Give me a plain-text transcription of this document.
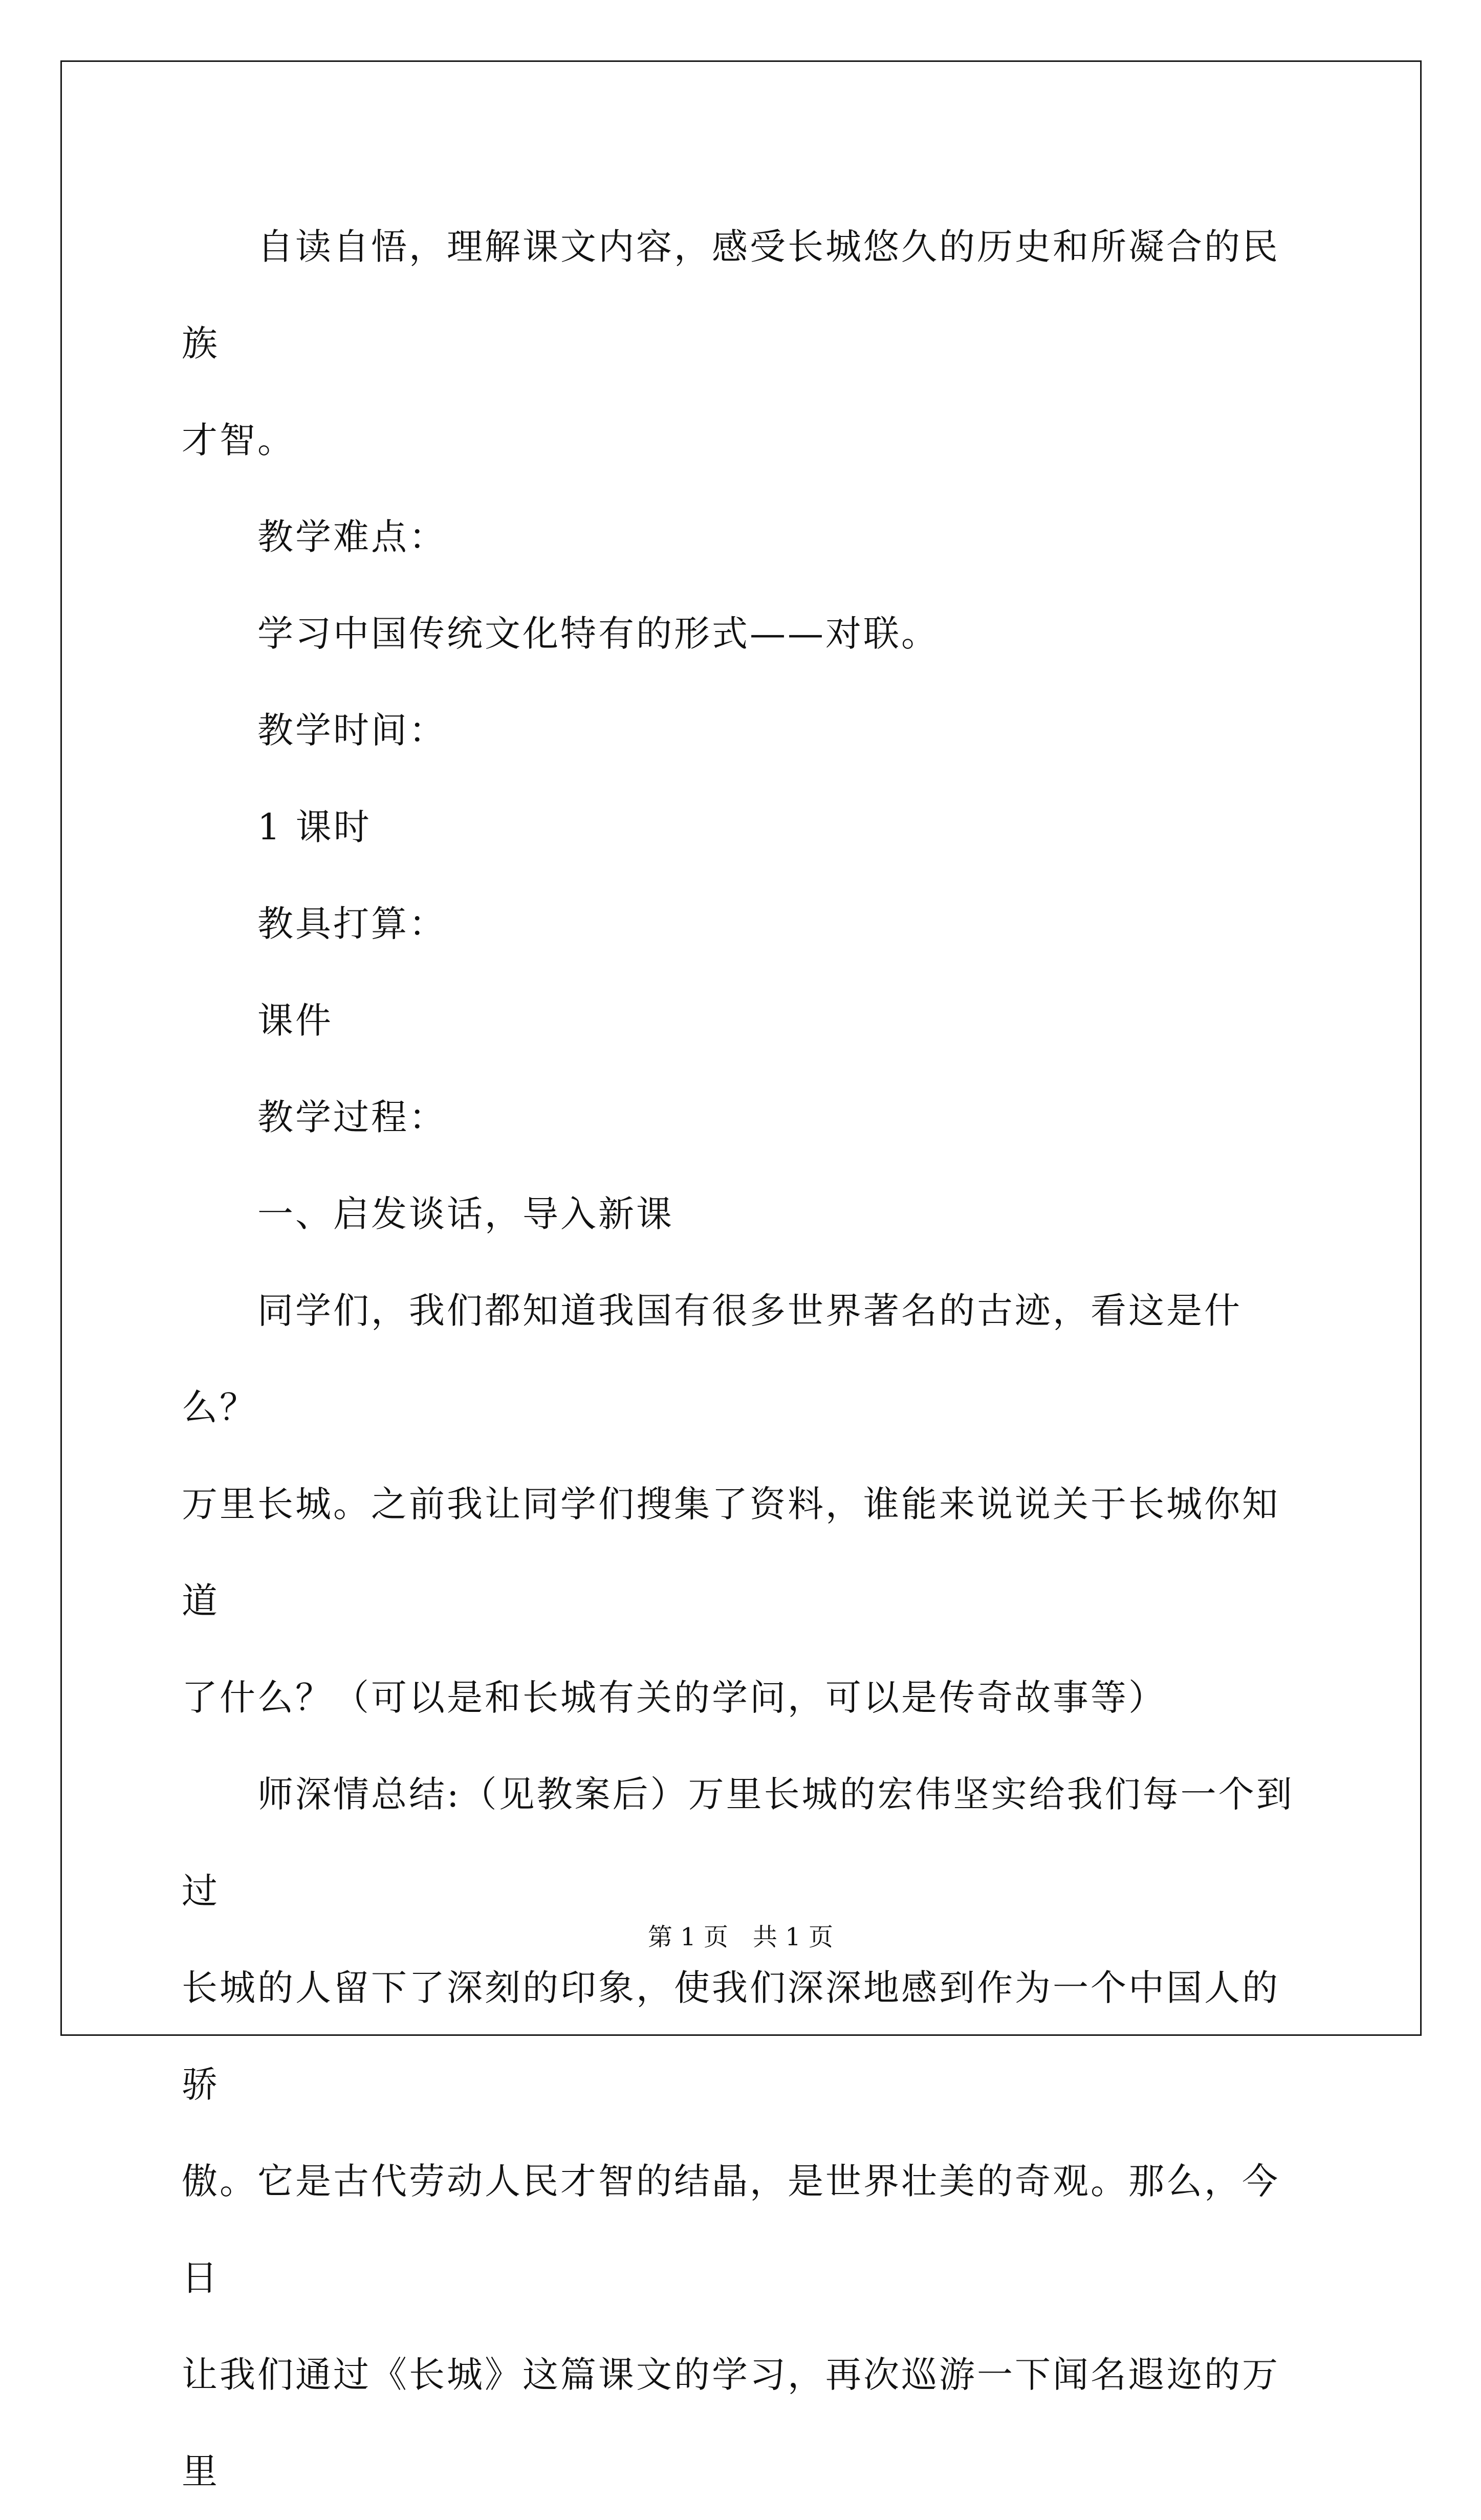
自读自悟，理解课文内容，感受长城悠久的历史和所凝合的民族
才智。

教学难点：

学习中国传统文化特有的形式——对联。

教学时间：

1 课时

教具打算：

课件

教学过程：

一、启发谈话，导入新课

同学们，我们都知道我国有很多世界著名的古迹，看这是什么？
万里长城。之前我让同学们搜集了资料，谁能来说说关于长城你知道
了什么？（可以是和长城有关的学问，可以是传奇故事等）

师深情总结:（见教案后）万里长城的宏伟坚实给我们每一个到过
长城的人留下了深刻的印象，使我们深深地感到作为一个中国人的骄
傲。它是古代劳动人民才智的结晶，是世界壮美的奇观。那么，今日
让我们通过《长城》这篇课文的学习，再次巡游一下闻名遐迩的万里

第 1 页　共 1 页
